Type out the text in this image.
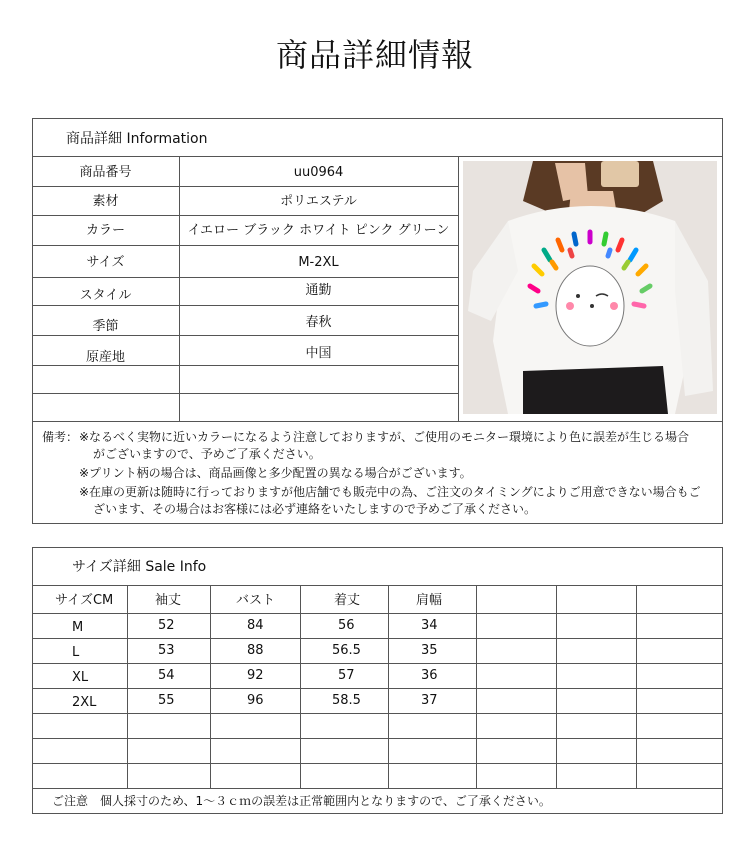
商品詳細情報
商品詳細 Information
商品番号	uu0964
素材	ポリエステル
カラー	イエロー ブラック ホワイト ピンク グリーン
サイズ	M-2XL
スタイル	通勤
季節	春秋
原産地	中国
備考： ※なるべく実物に近いカラーになるよう注意しておりますが、ご使用のモニター環境により色に誤差が生じる場合
がございますので、予めご了承ください。
※プリント柄の場合は、商品画像と多少配置の異なる場合がございます。
※在庫の更新は随時に行っておりますが他店舗でも販売中の為、ご注文のタイミングによりご用意できない場合もご
ざいます、その場合はお客様には必ず連絡をいたしますので予めご了承ください。
サイズ詳細 Sale Info
サイズCM	袖丈	バスト	着丈	肩幅
M	52	84	56	34
L	53	88	56.5	35
XL	54	92	57	36
2XL	55	96	58.5	37
ご注意 個人採寸のため、1～３ｃｍの誤差は正常範囲内となりますので、ご了承ください。
